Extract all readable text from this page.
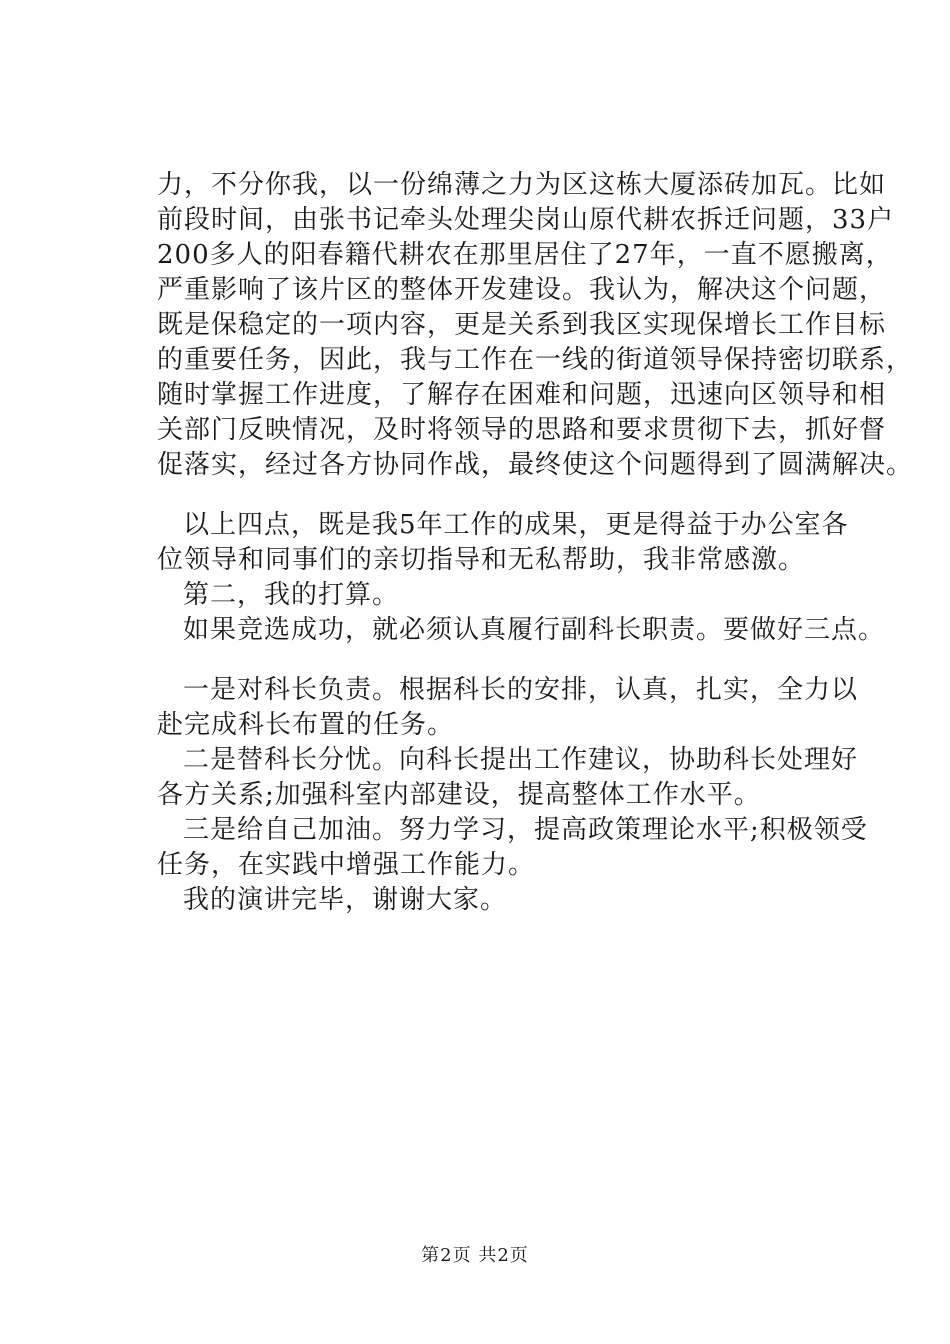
力，不分你我，以一份绵薄之力为区这栋大厦添砖加瓦。比如
前段时间，由张书记牵头处理尖岗山原代耕农拆迁问题，33户
200多人的阳春籍代耕农在那里居住了27年，一直不愿搬离，
严重影响了该片区的整体开发建设。我认为，解决这个问题，
既是保稳定的一项内容，更是关系到我区实现保增长工作目标
的重要任务，因此，我与工作在一线的街道领导保持密切联系，
随时掌握工作进度，了解存在困难和问题，迅速向区领导和相
关部门反映情况，及时将领导的思路和要求贯彻下去，抓好督
促落实，经过各方协同作战，最终使这个问题得到了圆满解决。
以上四点，既是我5年工作的成果，更是得益于办公室各
位领导和同事们的亲切指导和无私帮助，我非常感激。
第二，我的打算。
如果竞选成功，就必须认真履行副科长职责。要做好三点。
一是对科长负责。根据科长的安排，认真，扎实，全力以
赴完成科长布置的任务。
二是替科长分忧。向科长提出工作建议，协助科长处理好
各方关系;加强科室内部建设，提高整体工作水平。
三是给自己加油。努力学习，提高政策理论水平;积极领受
任务，在实践中增强工作能力。
我的演讲完毕，谢谢大家。
第2页 共2页
